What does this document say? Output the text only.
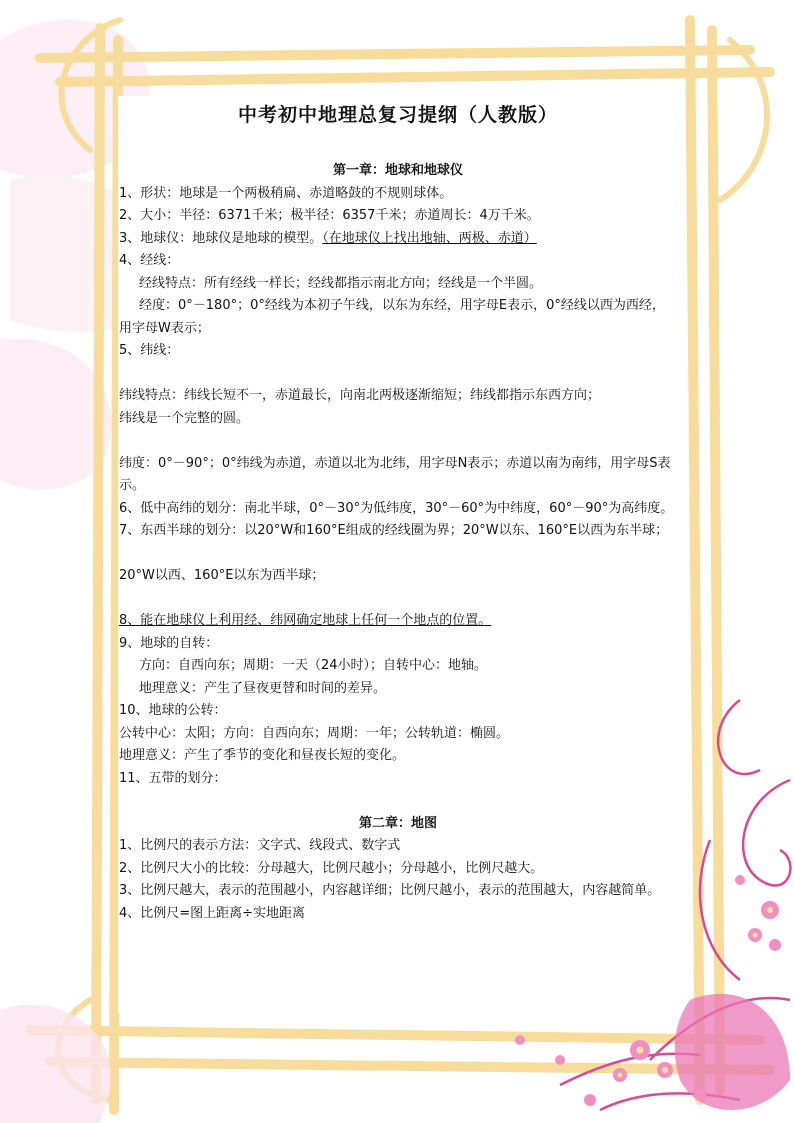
中考初中地理总复习提纲（人教版）

第一章：地球和地球仪

1、形状：地球是一个两极稍扁、赤道略鼓的不规则球体。

2、大小：半径：6371千米；极半径：6357千米；赤道周长：4万千米。

3、地球仪：地球仪是地球的模型。（在地球仪上找出地轴、两极、赤道）

4、经线：

经线特点：所有经线一样长；经线都指示南北方向；经线是一个半圆。

经度：0°－180°；0°经线为本初子午线，以东为东经，用字母E表示，0°经线以西为西经，

用字母W表示；

5、纬线：

纬线特点：纬线长短不一，赤道最长，向南北两极逐渐缩短；纬线都指示东西方向；

纬线是一个完整的圆。

纬度：0°－90°；0°纬线为赤道，赤道以北为北纬，用字母N表示；赤道以南为南纬，用字母S表示。

6、低中高纬的划分：南北半球，0°－30°为低纬度，30°－60°为中纬度，60°－90°为高纬度。

7、东西半球的划分：以20°W和160°E组成的经线圈为界；20°W以东、160°E以西为东半球；

20°W以西、160°E以东为西半球；

8、能在地球仪上利用经、纬网确定地球上任何一个地点的位置。

9、地球的自转：

方向：自西向东；周期：一天（24小时）；自转中心：地轴。

地理意义：产生了昼夜更替和时间的差异。

10、地球的公转：

公转中心：太阳；方向：自西向东；周期：一年；公转轨道：椭圆。

地理意义：产生了季节的变化和昼夜长短的变化。

11、五带的划分：

第二章：地图

1、比例尺的表示方法：文字式、线段式、数字式

2、比例尺大小的比较：分母越大，比例尺越小；分母越小，比例尺越大。

3、比例尺越大，表示的范围越小，内容越详细；比例尺越小，表示的范围越大，内容越简单。

4、比例尺=图上距离÷实地距离
